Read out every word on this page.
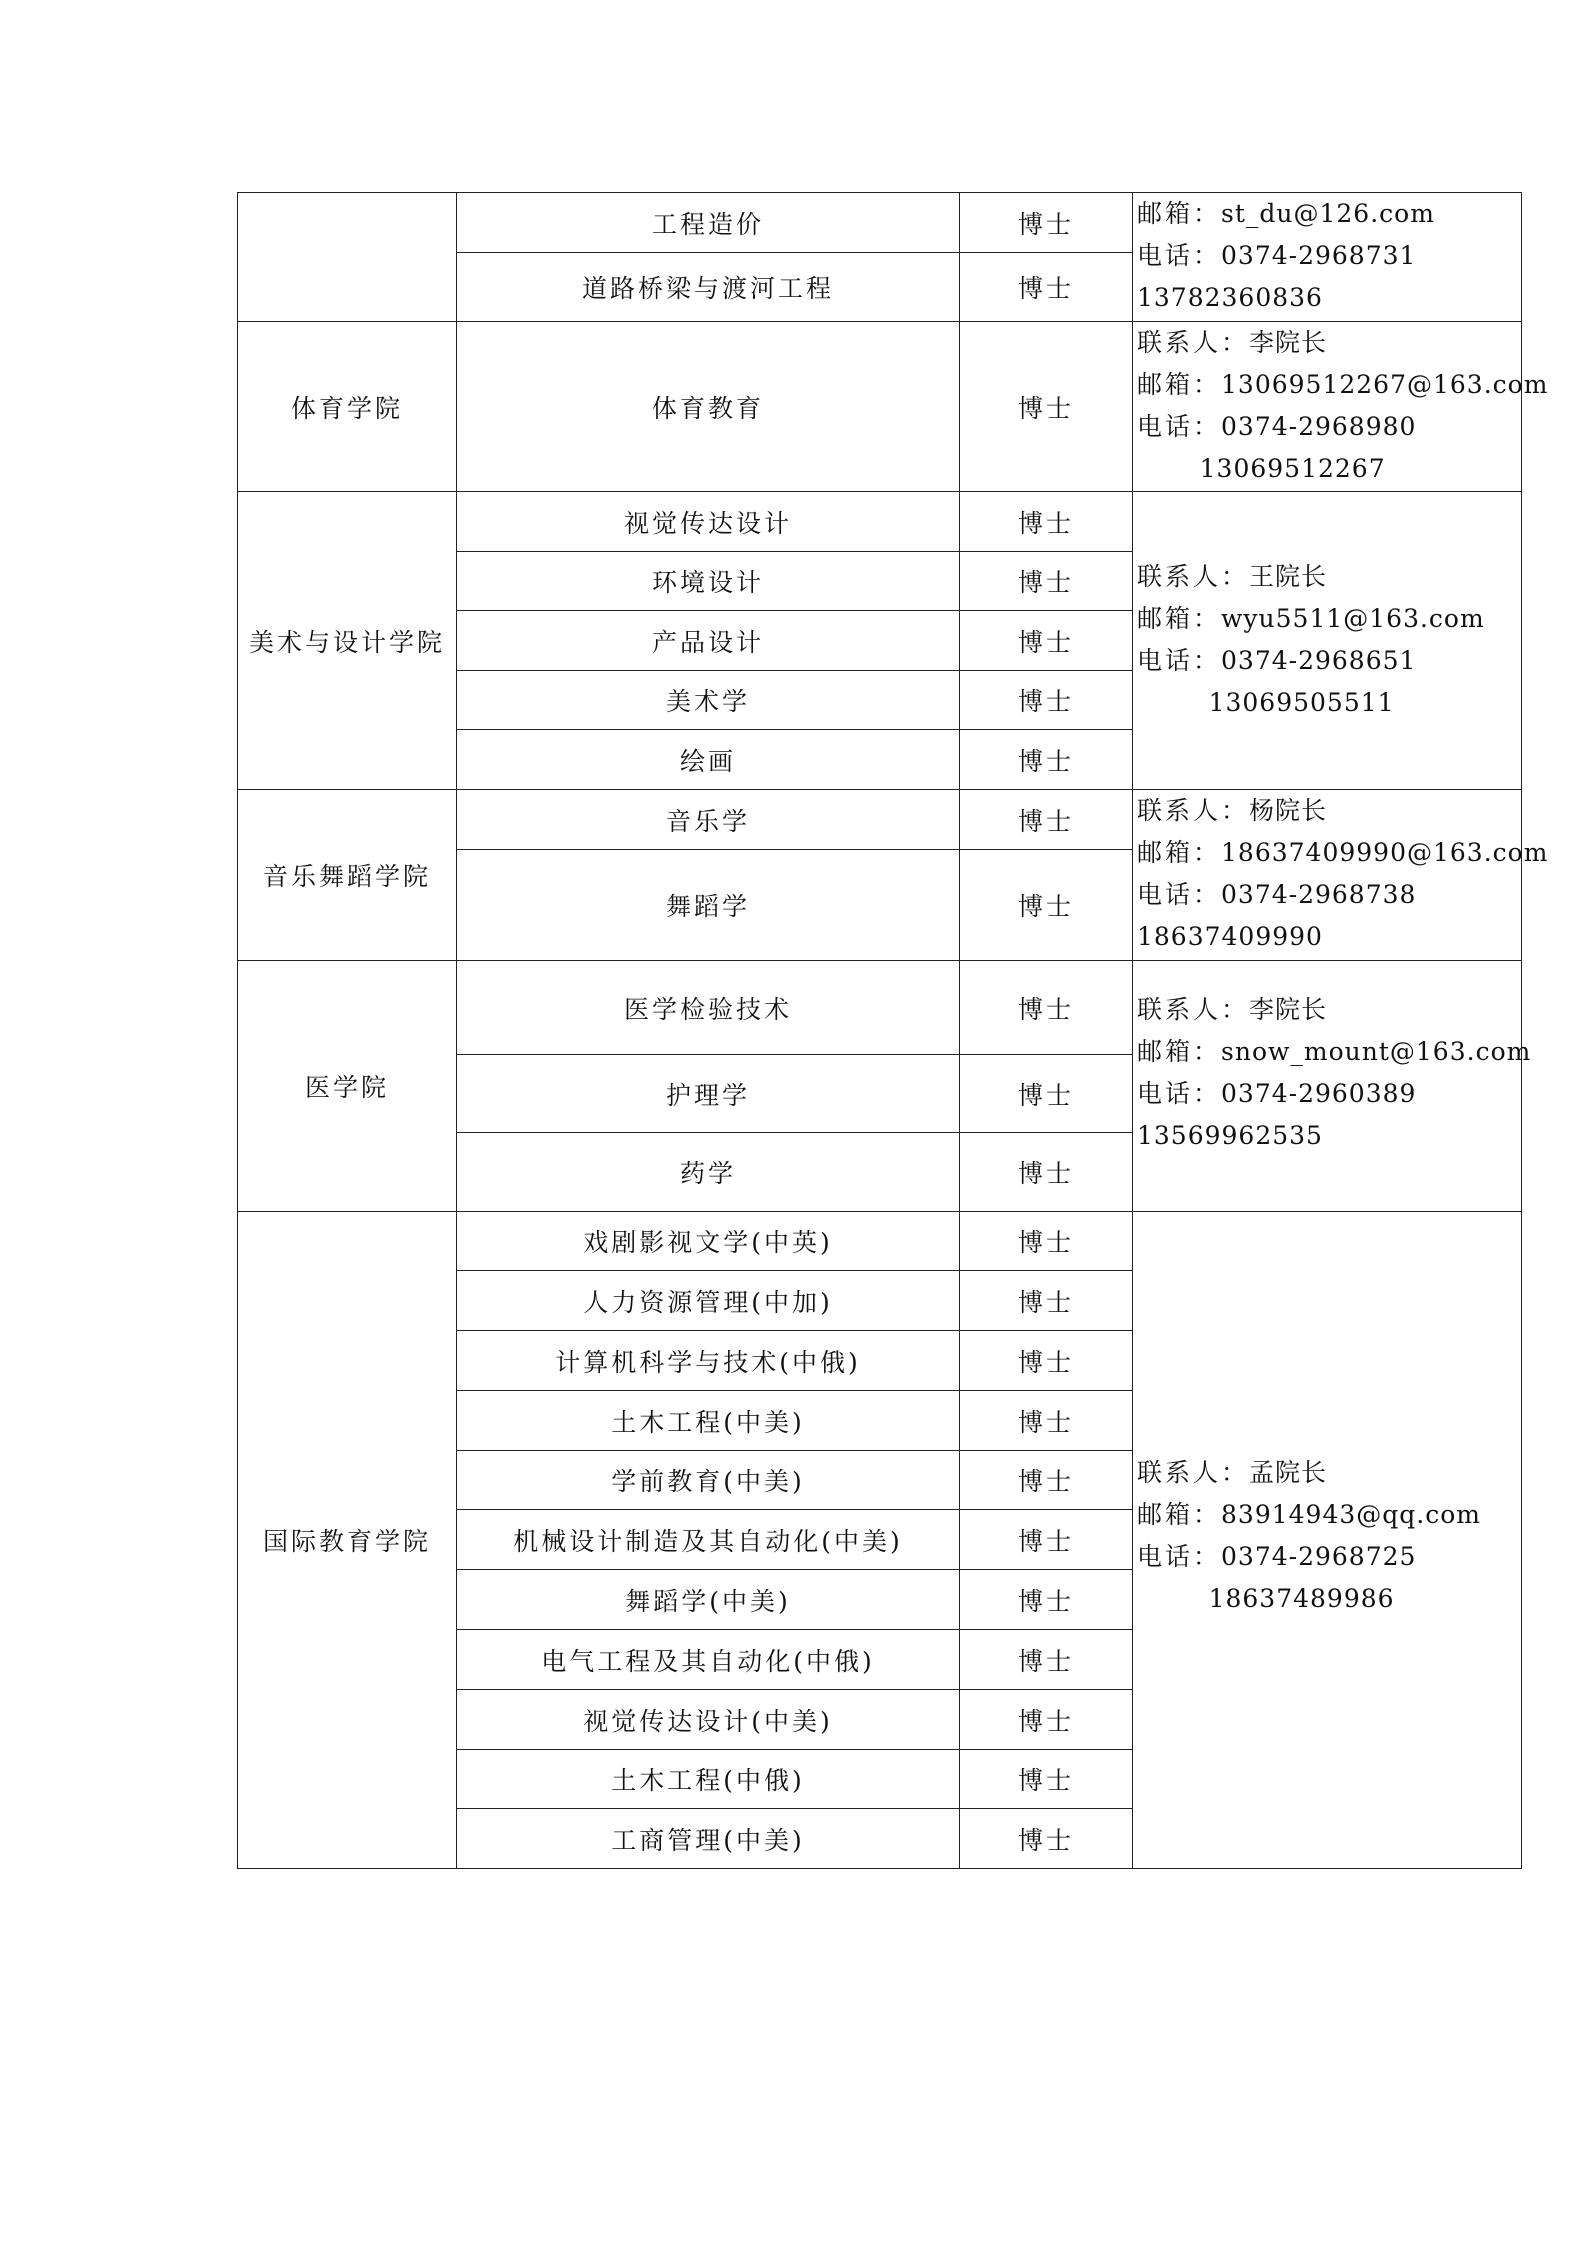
	工程造价	博士	邮箱：st_du@126.com
电话：0374-2968731
13782360836

	道路桥梁与渡河工程	博士	
体育学院	体育教育	博士	联系人：李院长
邮箱：13069512267@163.com
电话：0374-2968980
13069512267

美术与设计学院	视觉传达设计	博士	联系人：王院长
邮箱：wyu5511@163.com
电话：0374-2968651
13069505511

	环境设计	博士	
	产品设计	博士	
	美术学	博士	
	绘画	博士	
音乐舞蹈学院	音乐学	博士	联系人：杨院长
邮箱：18637409990@163.com
电话：0374-2968738
18637409990

	舞蹈学	博士	
医学院	医学检验技术	博士	联系人：李院长
邮箱：snow_mount@163.com
电话：0374-2960389
13569962535

	护理学	博士	
	药学	博士	
国际教育学院	戏剧影视文学(中英)	博士	联系人：孟院长
邮箱：83914943@qq.com
电话：0374-2968725
18637489986

	人力资源管理(中加)	博士	
	计算机科学与技术(中俄)	博士	
	土木工程(中美)	博士	
	学前教育(中美)	博士	
	机械设计制造及其自动化(中美)	博士	
	舞蹈学(中美)	博士	
	电气工程及其自动化(中俄)	博士	
	视觉传达设计(中美)	博士	
	土木工程(中俄)	博士	
	工商管理(中美)	博士	
